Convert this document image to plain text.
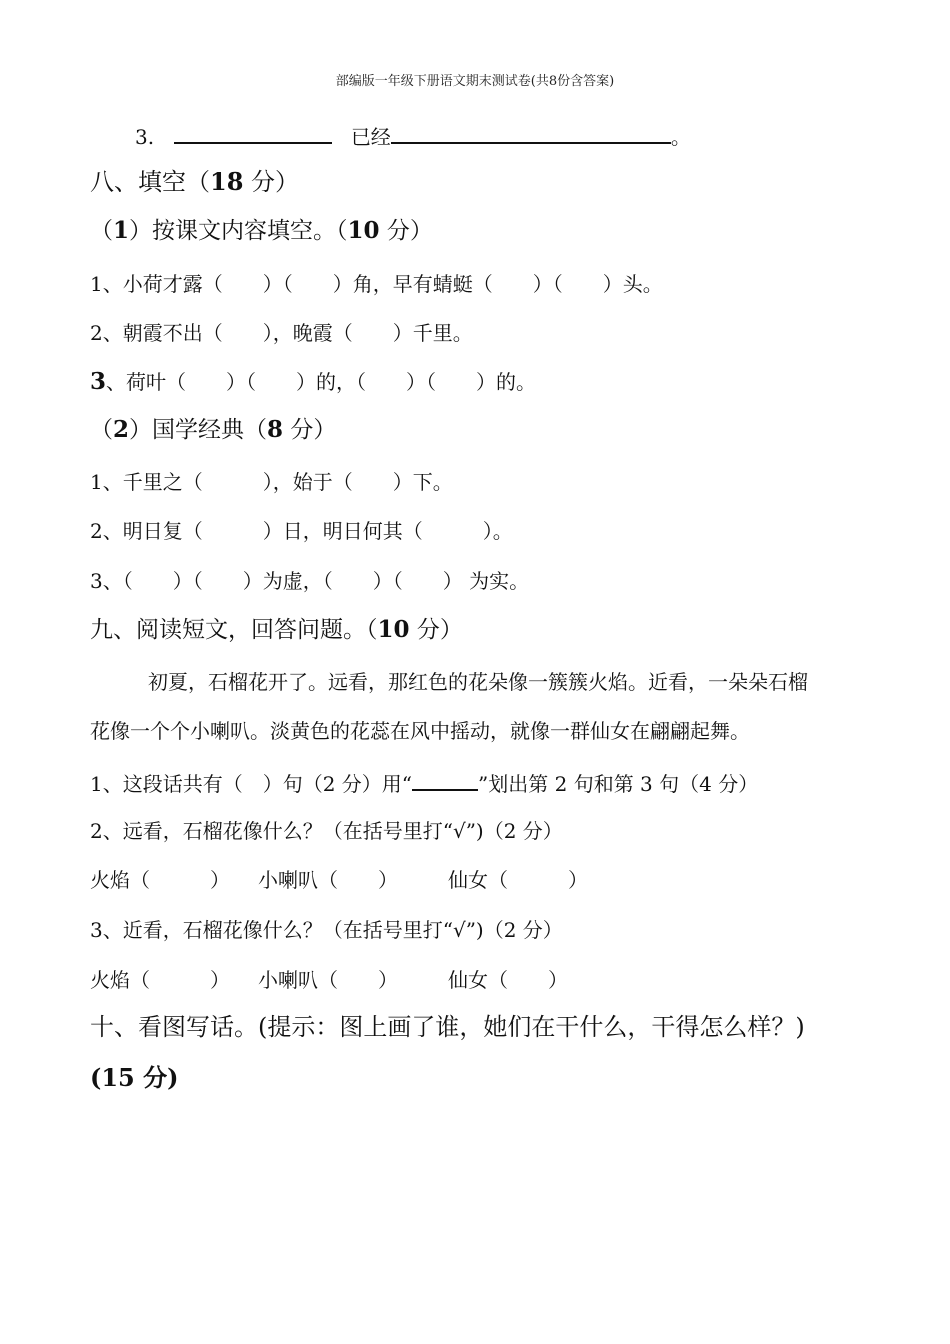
部编版一年级下册语文期末测试卷(共8份含答案)
3.	已经	。
八、填空（18 分）
（1）按课文内容填空。（10 分）
1、小荷才露（　　）（　　）角，早有蜻蜓（　　）（　　）头。
2、朝霞不出（　　），晚霞（　　）千里。
3、荷叶（　　）（　　）的，（　　）（　　）的。
（2）国学经典（8 分）
1、千里之（　　　），始于（　　）下。
2、明日复（　　　）日，明日何其（　　　）。
3、（　　）（　　）为虚，（　　）（　　） 为实。
九、阅读短文，回答问题。（10 分）
初夏，石榴花开了。远看，那红色的花朵像一簇簇火焰。近看，一朵朵石榴
花像一个个小喇叭。淡黄色的花蕊在风中摇动，就像一群仙女在翩翩起舞。
1、这段话共有（　）句（2 分）用“	”划出第 2 句和第 3 句（4 分）
2、远看，石榴花像什么？（在括号里打“√”)（2 分）
火焰（　　　） 小喇叭（　　）	仙女（　　　）
3、近看，石榴花像什么？（在括号里打“√”)（2 分）
火焰（　　　） 小喇叭（　　）	仙女（　　）
十、看图写话。(提示：图上画了谁，她们在干什么，干得怎么样？)
(15 分)
